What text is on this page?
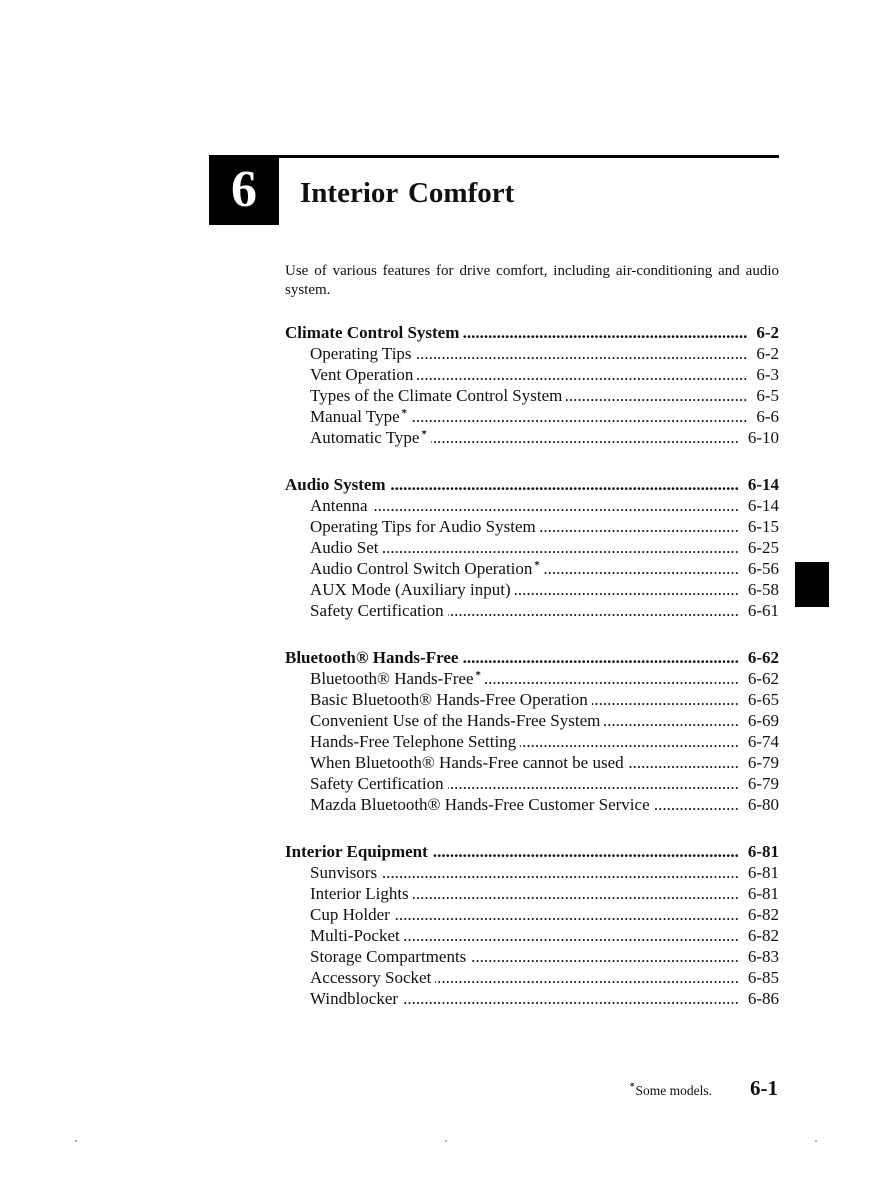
6	Interior Comfort

Use of various features for drive comfort, including air-conditioning and audio system.

Climate Control System .....	6-2
Operating Tips .....	6-2
Vent Operation .....	6-3
Types of the Climate Control System .....	6-5
Manual Type * .....	6-6
Automatic Type * .....	6-10
Audio System .....	6-14
Antenna .....	6-14
Operating Tips for Audio System .....	6-15
Audio Set .....	6-25
Audio Control Switch Operation * .....	6-56
AUX Mode (Auxiliary input) .....	6-58
Safety Certification .....	6-61
Bluetooth® Hands-Free .....	6-62
Bluetooth® Hands-Free * .....	6-62
Basic Bluetooth® Hands-Free Operation .....	6-65
Convenient Use of the Hands-Free System .....	6-69
Hands-Free Telephone Setting .....	6-74
When Bluetooth® Hands-Free cannot be used .....	6-79
Safety Certification .....	6-79
Mazda Bluetooth® Hands-Free Customer Service .....	6-80
Interior Equipment .....	6-81
Sunvisors .....	6-81
Interior Lights .....	6-81
Cup Holder .....	6-82
Multi-Pocket .....	6-82
Storage Compartments .....	6-83
Accessory Socket .....	6-85
Windblocker .....	6-86
* Some models. 6-1
